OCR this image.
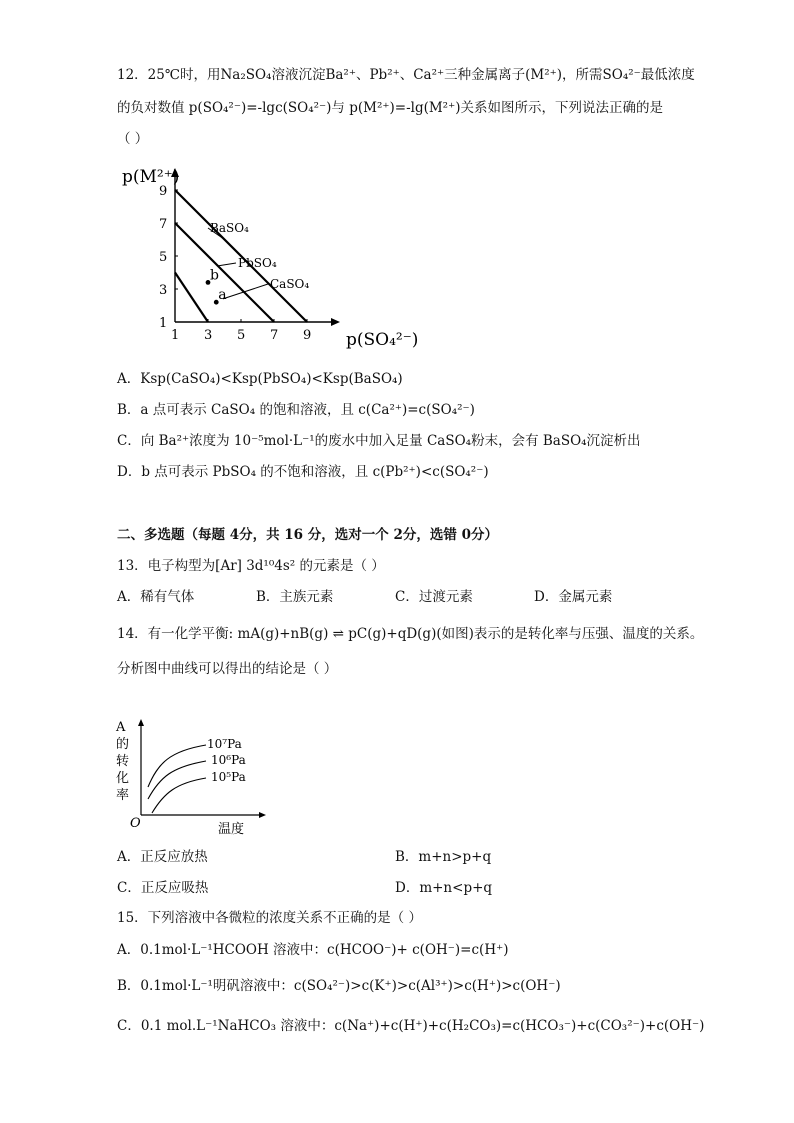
12．25℃时，用Na₂SO₄溶液沉淀Ba²⁺、Pb²⁺、Ca²⁺三种金属离子(M²⁺)，所需SO₄²⁻最低浓度
的负对数值 p(SO₄²⁻)=-lgc(SO₄²⁻)与 p(M²⁺)=-lg(M²⁺)关系如图所示，下列说法正确的是
（ ）
p(M²⁺)
p(SO₄²⁻)
1 3 5 7 9
1
3
5
7
9
BaSO₄
PbSO₄
CaSO₄
a
b
A．Ksp(CaSO₄)<Ksp(PbSO₄)<Ksp(BaSO₄)
B．a 点可表示 CaSO₄ 的饱和溶液，且 c(Ca²⁺)=c(SO₄²⁻)
C．向 Ba²⁺浓度为 10⁻⁵mol·L⁻¹的废水中加入足量 CaSO₄粉末，会有 BaSO₄沉淀析出
D．b 点可表示 PbSO₄ 的不饱和溶液，且 c(Pb²⁺)<c(SO₄²⁻)
二、多选题（每题 4分，共 16 分，选对一个 2分，选错 0分）
13．电子构型为[Ar] 3d¹⁰4s² 的元素是（ ）
A．稀有气体	B．主族元素	C．过渡元素	D．金属元素
14．有一化学平衡: mA(g)+nB(g) ⇌ pC(g)+qD(g)(如图)表示的是转化率与压强、温度的关系。
分析图中曲线可以得出的结论是（ ）
A
的
转
化
率
温度
O
10⁷Pa
10⁶Pa
10⁵Pa
A．正反应放热	B．m+n>p+q
C．正反应吸热	D．m+n<p+q
15．下列溶液中各微粒的浓度关系不正确的是（ ）
A．0.1mol·L⁻¹HCOOH 溶液中：c(HCOO⁻)+ c(OH⁻)=c(H⁺)
B．0.1mol·L⁻¹明矾溶液中：c(SO₄²⁻)>c(K⁺)>c(Al³⁺)>c(H⁺)>c(OH⁻)
C．0.1 mol.L⁻¹NaHCO₃ 溶液中：c(Na⁺)+c(H⁺)+c(H₂CO₃)=c(HCO₃⁻)+c(CO₃²⁻)+c(OH⁻)
